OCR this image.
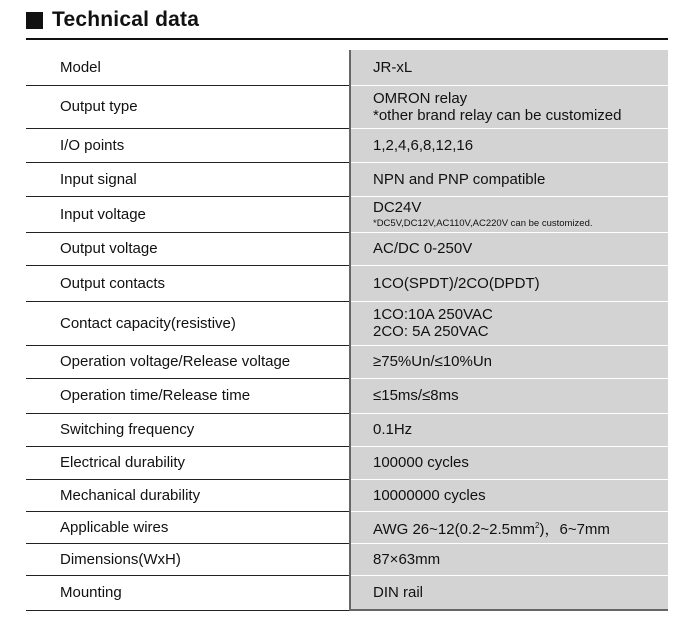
Technical data
Model	JR-xL
Output type	OMRON relay
*other brand relay can be customized

I/O points	1,2,4,6,8,12,16
Input signal	NPN and PNP compatible
Input voltage	DC24V
*DC5V,DC12V,AC110V,AC220V can be customized.

Output voltage	AC/DC 0-250V
Output contacts	1CO(SPDT)/2CO(DPDT)
Contact capacity(resistive)	1CO:10A 250VAC
2CO: 5A 250VAC

Operation voltage/Release voltage	≥75%Un/≤10%Un
Operation time/Release time	≤15ms/≤8ms
Switching frequency	0.1Hz
Electrical durability	100000 cycles
Mechanical durability	10000000 cycles
Applicable wires	AWG $26\sim 12(0.2\sim 2.5mm^2)$，6~7mm
Dimensions(WxH)	87×63mm
Mounting	DIN rail
